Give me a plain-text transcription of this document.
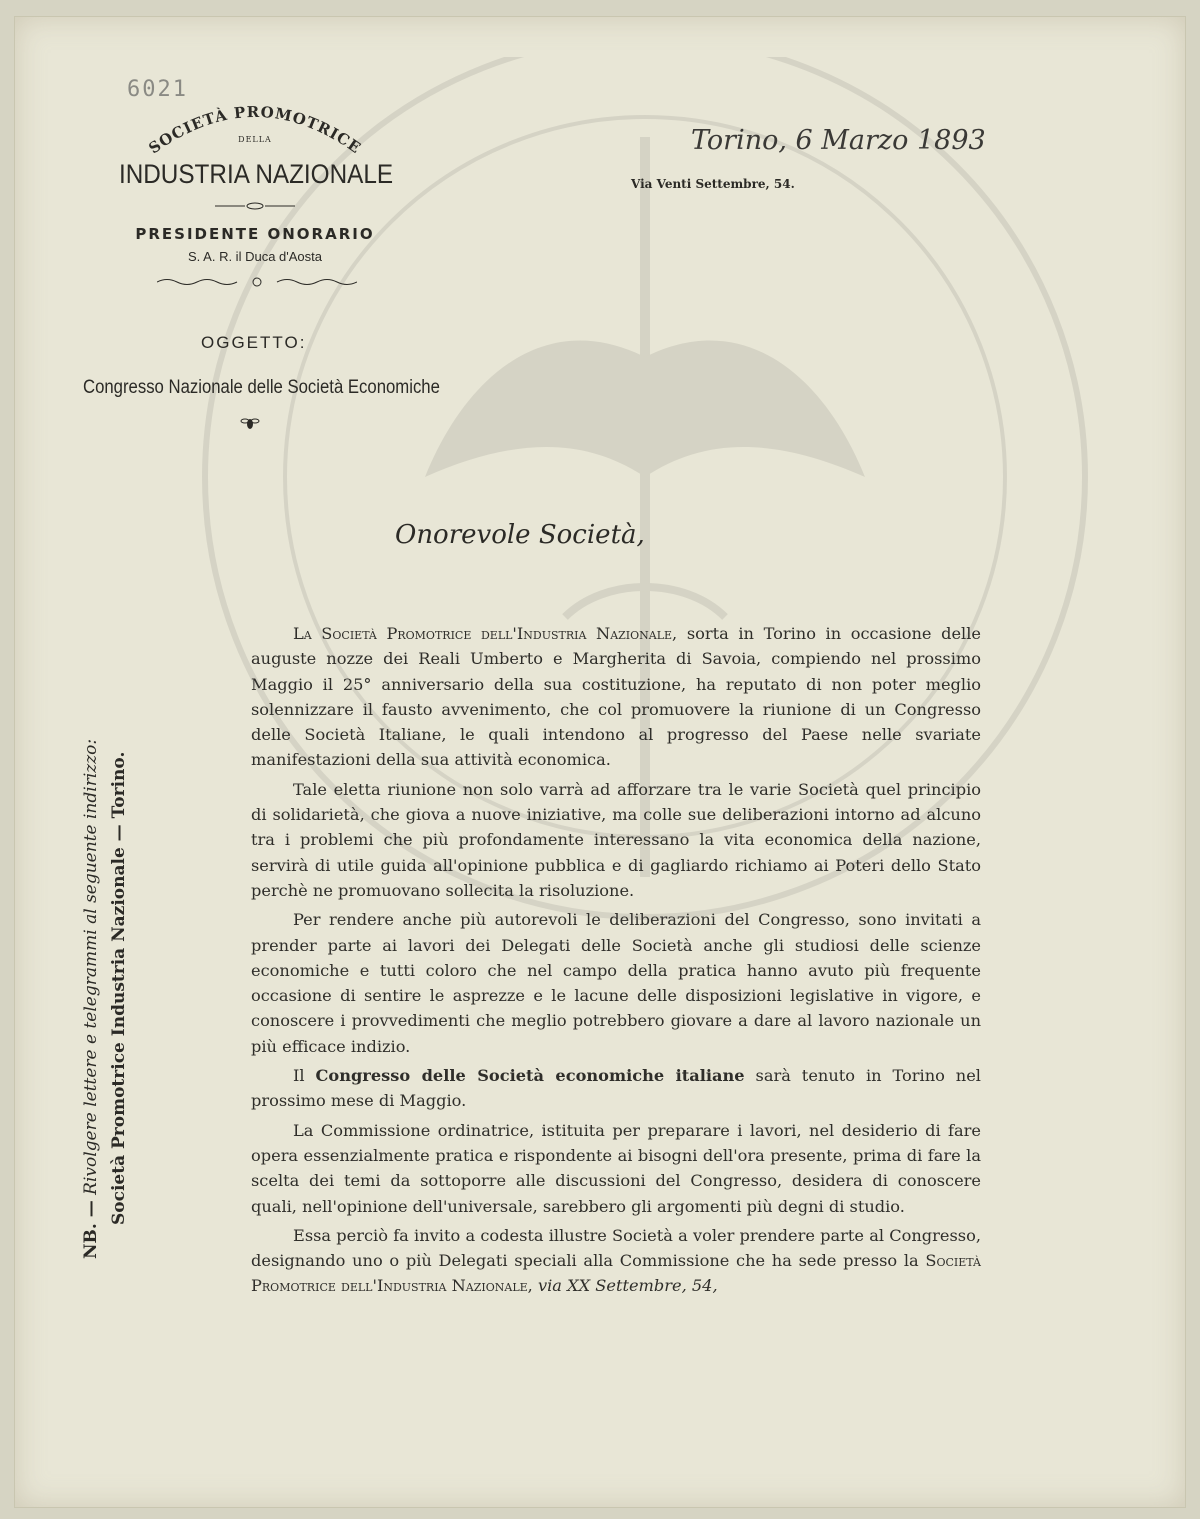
6021
SOCIETÀ PROMOTRICE
DELLA
INDUSTRIA NAZIONALE
PRESIDENTE ONORARIO
S. A. R. il Duca d'Aosta
OGGETTO:
Congresso Nazionale delle Società Economiche
Torino, 6 Marzo 1893
Via Venti Settembre, 54.
Onorevole Società,
NB. — Rivolgere lettere e telegrammi al seguente indirizzo: Società Promotrice Industria Nazionale — Torino.

La Società Promotrice dell'Industria Nazionale, sorta in Torino in occasione delle auguste nozze dei Reali Umberto e Margherita di Savoia, compiendo nel prossimo Maggio il 25° anniversario della sua costituzione, ha reputato di non poter meglio solennizzare il fausto avvenimento, che col promuovere la riunione di un Congresso delle Società Italiane, le quali intendono al progresso del Paese nelle svariate manifestazioni della sua attività economica.

Tale eletta riunione non solo varrà ad afforzare tra le varie Società quel principio di solidarietà, che giova a nuove iniziative, ma colle sue deliberazioni intorno ad alcuno tra i problemi che più profondamente interessano la vita economica della nazione, servirà di utile guida all'opinione pubblica e di gagliardo richiamo ai Poteri dello Stato perchè ne promuovano sollecita la risoluzione.

Per rendere anche più autorevoli le deliberazioni del Congresso, sono invitati a prender parte ai lavori dei Delegati delle Società anche gli studiosi delle scienze economiche e tutti coloro che nel campo della pratica hanno avuto più frequente occasione di sentire le asprezze e le lacune delle disposizioni legislative in vigore, e conoscere i provvedimenti che meglio potrebbero giovare a dare al lavoro nazionale un più efficace indizio.

Il Congresso delle Società economiche italiane sarà tenuto in Torino nel prossimo mese di Maggio.

La Commissione ordinatrice, istituita per preparare i lavori, nel desiderio di fare opera essenzialmente pratica e rispondente ai bisogni dell'ora presente, prima di fare la scelta dei temi da sottoporre alle discussioni del Congresso, desidera di conoscere quali, nell'opinione dell'universale, sarebbero gli argomenti più degni di studio.

Essa perciò fa invito a codesta illustre Società a voler prendere parte al Congresso, designando uno o più Delegati speciali alla Commissione che ha sede presso la Società Promotrice dell'Industria Nazionale, via XX Settembre, 54,
